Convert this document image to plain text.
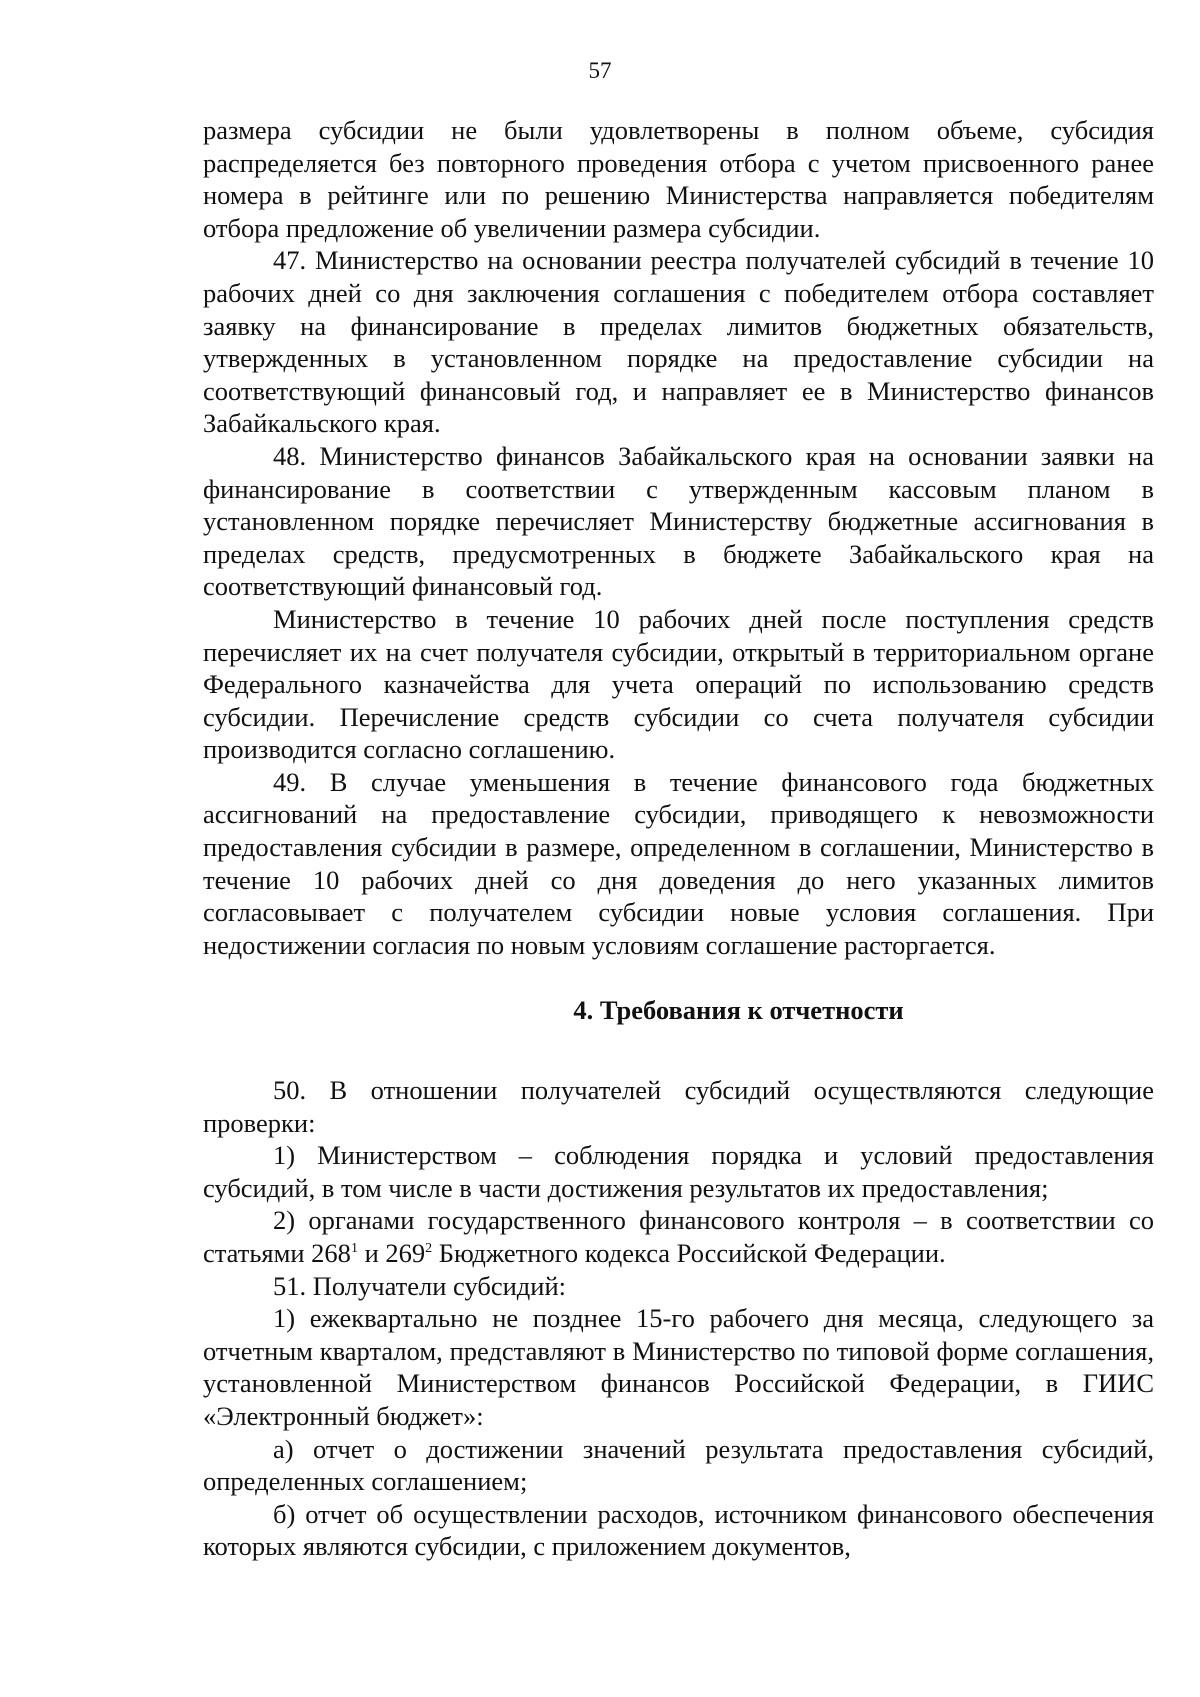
57

размера субсидии не были удовлетворены в полном объеме, субсидия распределяется без повторного проведения отбора с учетом присвоенного ранее номера в рейтинге или по решению Министерства направляется победителям отбора предложение об увеличении размера субсидии.

47. Министерство на основании реестра получателей субсидий в течение 10 рабочих дней со дня заключения соглашения с победителем отбора составляет заявку на финансирование в пределах лимитов бюджетных обязательств, утвержденных в установленном порядке на предоставление субсидии на соответствующий финансовый год, и направляет ее в Министерство финансов Забайкальского края.

48. Министерство финансов Забайкальского края на основании заявки на финансирование в соответствии с утвержденным кассовым планом в установленном порядке перечисляет Министерству бюджетные ассигнования в пределах средств, предусмотренных в бюджете Забайкальского края на соответствующий финансовый год.

Министерство в течение 10 рабочих дней после поступления средств перечисляет их на счет получателя субсидии, открытый в территориальном органе Федерального казначейства для учета операций по использованию средств субсидии. Перечисление средств субсидии со счета получателя субсидии производится согласно соглашению.

49. В случае уменьшения в течение финансового года бюджетных ассигнований на предоставление субсидии, приводящего к невозможности предоставления субсидии в размере, определенном в соглашении, Министерство в течение 10 рабочих дней со дня доведения до него указанных лимитов согласовывает с получателем субсидии новые условия соглашения. При недостижении согласия по новым условиям соглашение расторгается.

4. Требования к отчетности

50. В отношении получателей субсидий осуществляются следующие проверки:

1) Министерством – соблюдения порядка и условий предоставления субсидий, в том числе в части достижения результатов их предоставления;

2) органами государственного финансового контроля – в соответствии со статьями $268^1$ и $269^2$ Бюджетного кодекса Российской Федерации.

51. Получатели субсидий:

1) ежеквартально не позднее 15-го рабочего дня месяца, следующего за отчетным кварталом, представляют в Министерство по типовой форме соглашения, установленной Министерством финансов Российской Федерации, в ГИИС «Электронный бюджет»:

а) отчет о достижении значений результата предоставления субсидий, определенных соглашением;

б) отчет об осуществлении расходов, источником финансового обеспечения которых являются субсидии, с приложением документов,
